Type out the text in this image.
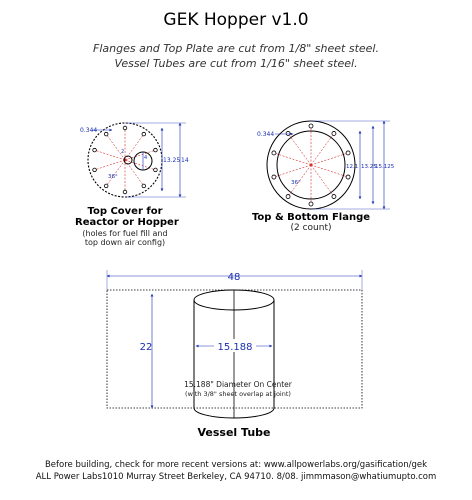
GEK Hopper v1.0
Flanges and Top Plate are cut from 1/8" sheet steel.
Vessel Tubes are cut from 1/16" sheet steel.
0.344
13.25 14
36°
4
2
0.344
12.1 13.25
15.125
36°
48
22	15.188
15.188" Diameter On Center
(with 3/8" sheet overlap at joint)
Top Cover for
Reactor or Hopper
(holes for fuel fill and
top down air config)
Top & Bottom Flange
(2 count)
Vessel Tube
Before building, check for more recent versions at: www.allpowerlabs.org/gasification/gek
ALL Power Labs1010 Murray Street Berkeley, CA 94710. 8/08. jimmmason@whatiumupto.com
